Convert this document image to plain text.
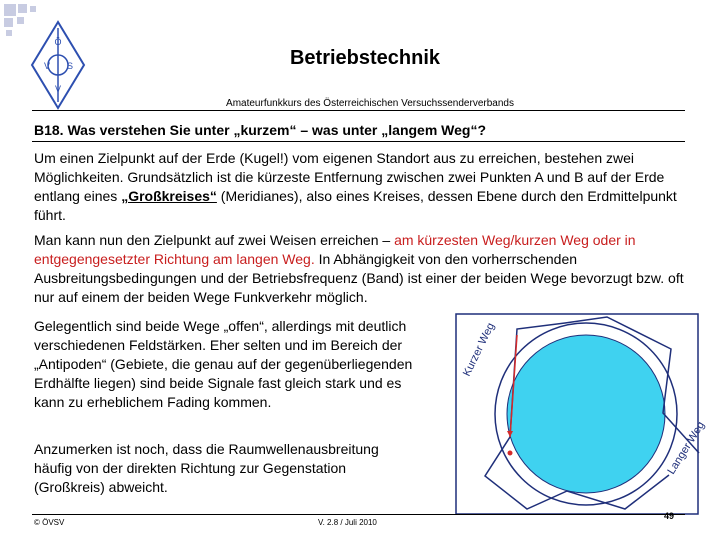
Ö
V S
V
Betriebstechnik
Amateurfunkkurs des Österreichischen Versuchssenderverbands
B18. Was verstehen Sie unter „kurzem“ – was unter „langem Weg“?
Um einen Zielpunkt auf der Erde (Kugel!) vom eigenen Standort aus zu erreichen, bestehen zwei Möglichkeiten. Grundsätzlich ist die kürzeste Entfernung zwischen zwei Punkten A und B auf der Erde entlang eines „Großkreises“ (Meridianes), also eines Kreises, dessen Ebene durch den Erdmittelpunkt führt.
Man kann nun den Zielpunkt auf zwei Weisen erreichen – am kürzesten Weg/kurzen Weg oder in entgegengesetzter Richtung am langen Weg. In Abhängigkeit von den vorherrschenden Ausbreitungsbedingungen und der Betriebsfrequenz (Band) ist einer der beiden Wege bevorzugt bzw. oft nur auf einem der beiden Wege Funkverkehr möglich.
Gelegentlich sind beide Wege „offen“, allerdings mit deutlich verschiedenen Feldstärken. Eher selten und im Bereich der „Antipoden“ (Gebiete, die genau auf der gegenüberliegenden Erdhälfte liegen) sind beide Signale fast gleich stark und es kann zu erheblichem Fading kommen.
Anzumerken ist noch, dass die Raumwellenausbreitung häufig von der direkten Richtung zur Gegenstation (Großkreis) abweicht.
Kurzer Weg
Langer Weg
© ÖVSV	V. 2.8 / Juli 2010
49
